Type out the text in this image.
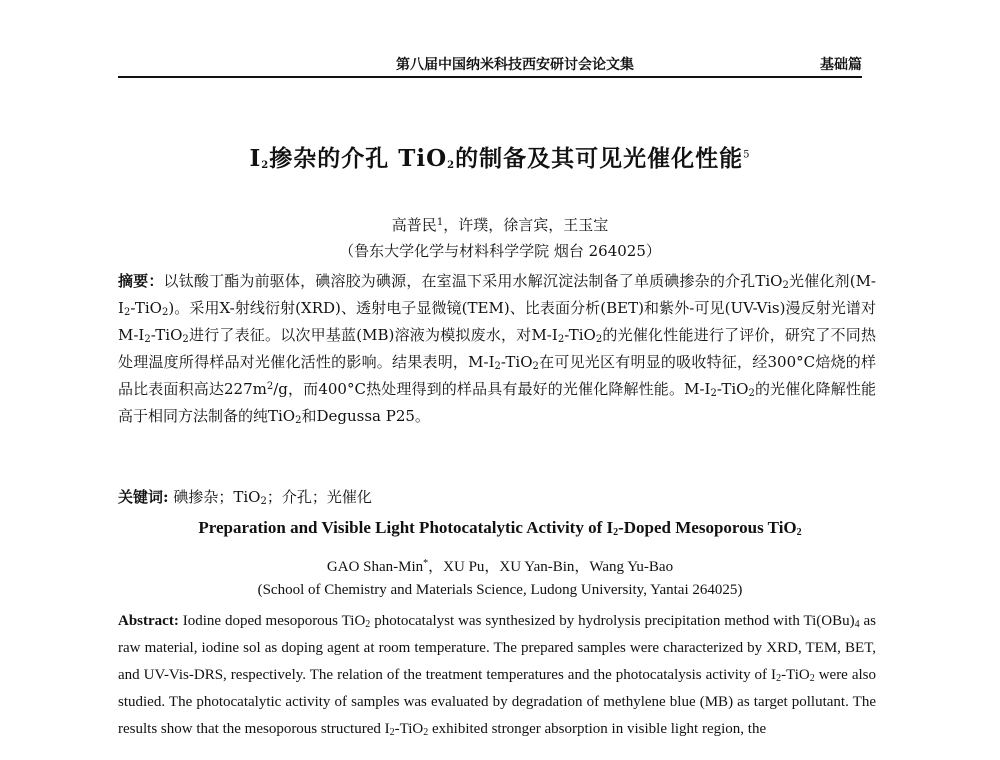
第八届中国纳米科技西安研讨会论文集	基础篇
$I_2$掺杂的介孔 TiO$_2$的制备及其可见光催化性能$^5$
高普民$^1$，许璞，徐言宾，王玉宝
（鲁东大学化学与材料科学学院 烟台 264025）
摘要：以钛酸丁酯为前驱体，碘溶胶为碘源，在室温下采用水解沉淀法制备了单质碘掺杂的介孔TiO$_2$光催化剂$(M-I_2-TiO_2)$。采用X-射线衍射(XRD)、透射电子显微镜(TEM)、比表面分析(BET)和紫外-可见(UV-Vis)漫反射光谱对$M-I_2-TiO_2$进行了表征。以次甲基蓝(MB)溶液为模拟废水，对$M-I_2-TiO_2$的光催化性能进行了评价，研究了不同热处理温度所得样品对光催化活性的影响。结果表明，$M-I_2-TiO_2$在可见光区有明显的吸收特征，经300°C焙烧的样品比表面积高达$227m^2/g$，而400°C热处理得到的样品具有最好的光催化降解性能。$M-I_2-TiO_2$的光催化降解性能高于相同方法制备的纯TiO$_2$和Degussa P25。
关键词: 碘掺杂；TiO$_2$；介孔；光催化
Preparation and Visible Light Photocatalytic Activity of $I_2$-Doped Mesoporous TiO$_2$
GAO Shan-Min*，XU Pu，XU Yan-Bin，Wang Yu-Bao
(School of Chemistry and Materials Science, Ludong University, Yantai 264025)
Abstract: Iodine doped mesoporous TiO$_2$ photocatalyst was synthesized by hydrolysis precipitation method with $Ti(OBu)_4$ as raw material, iodine sol as doping agent at room temperature. The prepared samples were characterized by XRD, TEM, BET, and UV-Vis-DRS, respectively. The relation of the treatment temperatures and the photocatalysis activity of $I_2-TiO_2$ were also studied. The photocatalytic activity of samples was evaluated by degradation of methylene blue (MB) as target pollutant. The results show that the mesoporous structured $I_2-TiO_2$ exhibited stronger absorption in visible light region, the
